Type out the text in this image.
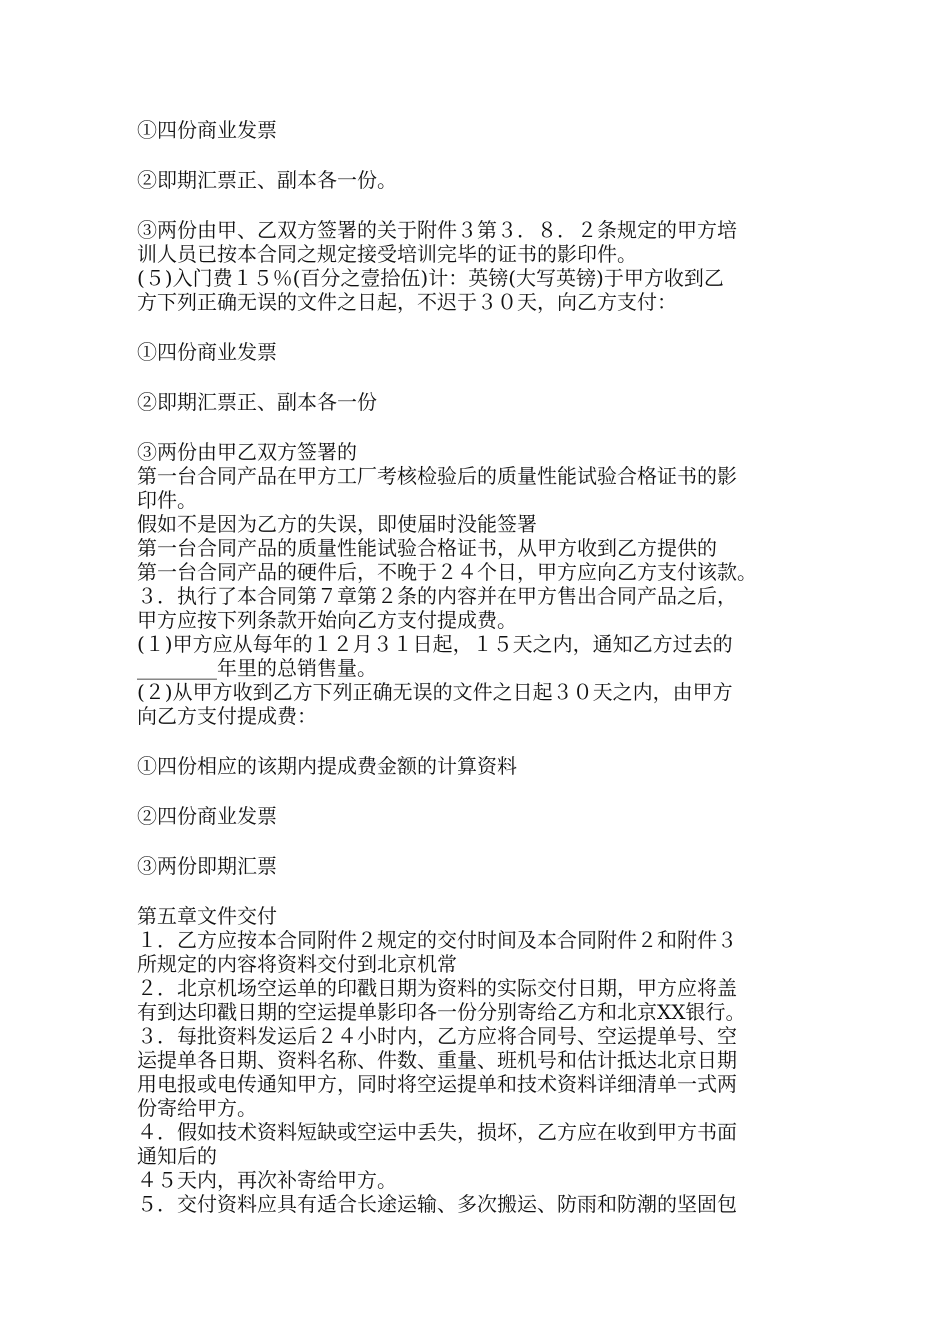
①四份商业发票
②即期汇票正、副本各一份。
③两份由甲、乙双方签署的关于附件３第３．８．２条规定的甲方培
训人员已按本合同之规定接受培训完毕的证书的影印件。
(５)入门费１５％(百分之壹拾伍)计：英镑(大写英镑)于甲方收到乙
方下列正确无误的文件之日起，不迟于３０天，向乙方支付：
①四份商业发票
②即期汇票正、副本各一份
③两份由甲乙双方签署的
第一台合同产品在甲方工厂考核检验后的质量性能试验合格证书的影
印件。
假如不是因为乙方的失误，即使届时没能签署
第一台合同产品的质量性能试验合格证书，从甲方收到乙方提供的
第一台合同产品的硬件后，不晚于２４个日，甲方应向乙方支付该款。
３．执行了本合同第７章第２条的内容并在甲方售出合同产品之后，
甲方应按下列条款开始向乙方支付提成费。
(１)甲方应从每年的１２月３１日起，１５天之内，通知乙方过去的
________年里的总销售量。
(２)从甲方收到乙方下列正确无误的文件之日起３０天之内，由甲方
向乙方支付提成费：
①四份相应的该期内提成费金额的计算资料
②四份商业发票
③两份即期汇票
第五章文件交付
１．乙方应按本合同附件２规定的交付时间及本合同附件２和附件３
所规定的内容将资料交付到北京机常
２．北京机场空运单的印戳日期为资料的实际交付日期，甲方应将盖
有到达印戳日期的空运提单影印各一份分别寄给乙方和北京XX银行。
３．每批资料发运后２４小时内，乙方应将合同号、空运提单号、空
运提单各日期、资料名称、件数、重量、班机号和估计抵达北京日期
用电报或电传通知甲方，同时将空运提单和技术资料详细清单一式两
份寄给甲方。
４．假如技术资料短缺或空运中丢失，损坏，乙方应在收到甲方书面
通知后的
４５天内，再次补寄给甲方。
５．交付资料应具有适合长途运输、多次搬运、防雨和防潮的坚固包
